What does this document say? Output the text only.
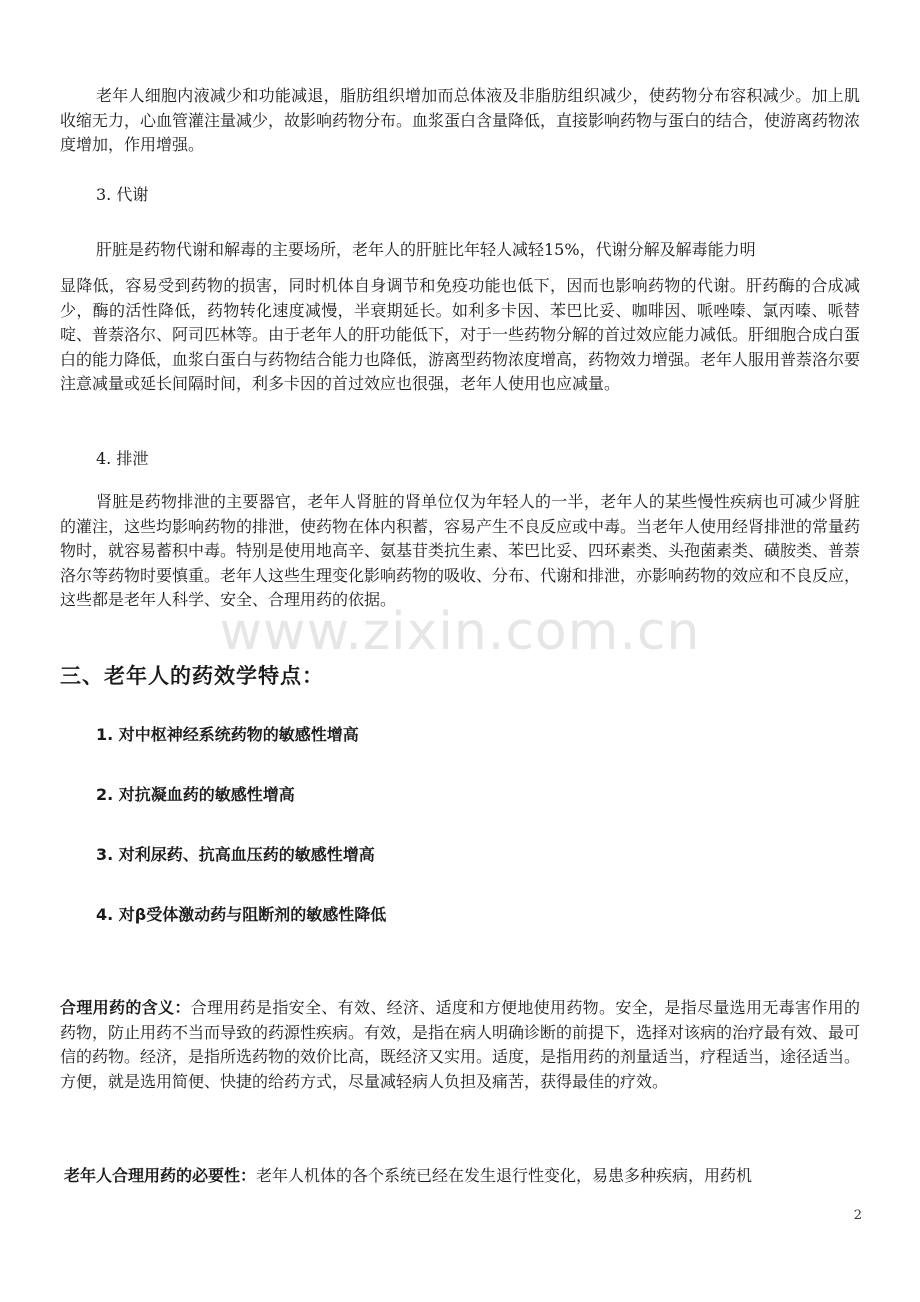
老年人细胞内液减少和功能减退，脂肪组织增加而总体液及非脂肪组织减少，使药物分布容积减少。加上肌收缩无力，心血管灌注量减少，故影响药物分布。血浆蛋白含量降低，直接影响药物与蛋白的结合，使游离药物浓度增加，作用增强。

3. 代谢

肝脏是药物代谢和解毒的主要场所，老年人的肝脏比年轻人减轻15%，代谢分解及解毒能力明

显降低，容易受到药物的损害，同时机体自身调节和免疫功能也低下，因而也影响药物的代谢。肝药酶的合成减少，酶的活性降低，药物转化速度减慢，半衰期延长。如利多卡因、苯巴比妥、咖啡因、哌唑嗪、氯丙嗪、哌替啶、普萘洛尔、阿司匹林等。由于老年人的肝功能低下，对于一些药物分解的首过效应能力减低。肝细胞合成白蛋白的能力降低，血浆白蛋白与药物结合能力也降低，游离型药物浓度增高，药物效力增强。老年人服用普萘洛尔要注意减量或延长间隔时间，利多卡因的首过效应也很强，老年人使用也应减量。

4. 排泄

肾脏是药物排泄的主要器官，老年人肾脏的肾单位仅为年轻人的一半，老年人的某些慢性疾病也可减少肾脏的灌注，这些均影响药物的排泄，使药物在体内积蓄，容易产生不良反应或中毒。当老年人使用经肾排泄的常量药物时，就容易蓄积中毒。特别是使用地高辛、氨基苷类抗生素、苯巴比妥、四环素类、头孢菌素类、磺胺类、普萘洛尔等药物时要慎重。老年人这些生理变化影响药物的吸收、分布、代谢和排泄，亦影响药物的效应和不良反应，这些都是老年人科学、安全、合理用药的依据。

www.zixin.com.cn
三、老年人的药效学特点：

1. 对中枢神经系统药物的敏感性增高

2. 对抗凝血药的敏感性增高

3. 对利尿药、抗高血压药的敏感性增高

4. 对β受体激动药与阻断剂的敏感性降低

合理用药的含义：合理用药是指安全、有效、经济、适度和方便地使用药物。安全，是指尽量选用无毒害作用的药物，防止用药不当而导致的药源性疾病。有效，是指在病人明确诊断的前提下，选择对该病的治疗最有效、最可信的药物。经济，是指所选药物的效价比高，既经济又实用。适度，是指用药的剂量适当，疗程适当，途径适当。方便，就是选用简便、快捷的给药方式，尽量减轻病人负担及痛苦，获得最佳的疗效。

老年人合理用药的必要性：老年人机体的各个系统已经在发生退行性变化，易患多种疾病，用药机

2
